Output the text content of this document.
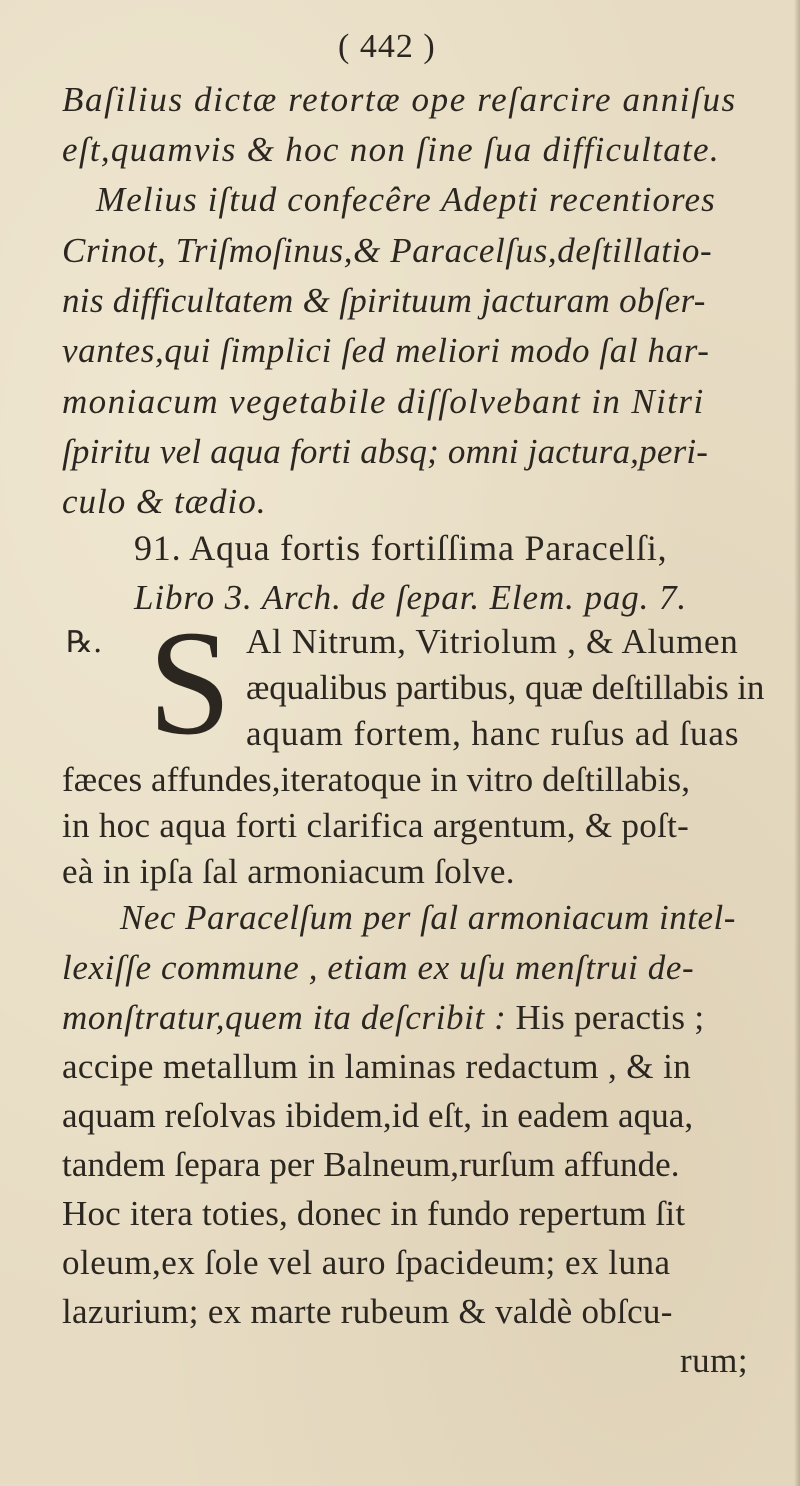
( 442 )
Baſilius dictæ retortæ ope reſarcire anniſus
eſt,quamvis & hoc non ſine ſua difficultate.
Melius iſtud confecêre Adepti recentiores
Crinot, Triſmoſinus,& Paracelſus,deſtillatio-
nis difficultatem & ſpirituum jacturam obſer-
vantes,qui ſimplici ſed meliori modo ſal har-
moniacum vegetabile diſſolvebant in Nitri
ſpiritu vel aqua forti absq; omni jactura,peri-
culo & tædio.
91. Aqua fortis fortiſſima Paracelſi,
Libro 3. Arch. de ſepar. Elem. pag. 7.
℞. S Al Nitrum, Vitriolum , & Alumen
æqualibus partibus, quæ deſtillabis in
aquam fortem, hanc ruſus ad ſuas
fæces affundes,iteratoque in vitro deſtillabis,
in hoc aqua forti clarifica argentum, & poſt-
eà in ipſa ſal armoniacum ſolve.
Nec Paracelſum per ſal armoniacum intel-
lexiſſe commune , etiam ex uſu menſtrui de-
monſtratur,quem ita deſcribit : His peractis ;
accipe metallum in laminas redactum , & in
aquam reſolvas ibidem,id eſt, in eadem aqua,
tandem ſepara per Balneum,rurſum affunde.
Hoc itera toties, donec in fundo repertum ſit
oleum,ex ſole vel auro ſpacideum; ex luna
lazurium; ex marte rubeum & valdè obſcu-
rum;
